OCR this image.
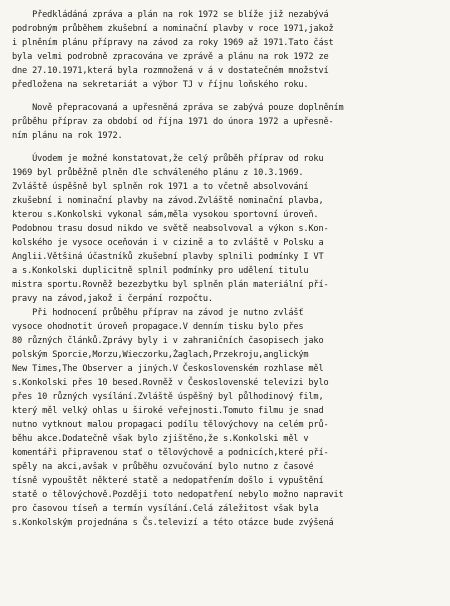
Předkládáná zpráva a plán na rok 1972 se blíže již nezabývá
podrobným průběhem zkušební a nominační plavby v roce 1971,jakož
i plněním plánu přípravy na závod za roky 1969 až 1971.Tato část
byla velmi podrobně zpracována ve zprávě a plánu na rok 1972 ze
dne 27.10.1971,která byla rozmnožená v á v dostatečném množství
předložena na sekretariát a výbor TJ v říjnu loňského roku.
Nově přepracovaná a upřesněná zpráva se zabývá pouze doplněním
průběhu příprav za období od října 1971 do února 1972 a upřesně-
ním plánu na rok 1972.
Úvodem je možné konstatovat,že celý průběh příprav od roku
1969 byl průběžně plněn dle schváleného plánu z 10.3.1969.
Zvláště úspěšně byl splněn rok 1971 a to včetně absolvování
zkušební i nominační plavby na závod.Zvláště nominační plavba,
kterou s.Konkolski vykonal sám,měla vysokou sportovní úroveň.
Podobnou trasu dosud nikdo ve světě neabsolvoval a výkon s.Kon-
kolského je vysoce oceňován i v cizině a to zvláště v Polsku a
Anglii.Většiná účastníků zkušební plavby splnili podmínky I VT
a s.Konkolski duplicitně splnil podmínky pro udělení titulu
mistra sportu.Rovněž bezezbytku byl splněn plán materiální pří-
pravy na závod,jakož i čerpání rozpočtu.
Při hodnocení průběhu příprav na závod je nutno zvlášť
vysoce ohodnotit úroveň propagace.V denním tisku bylo přes
80 různých článků.Zprávy byly i v zahraničních časopisech jako
polským Sporcie,Morzu,Wieczorku,Żaglach,Przekroju,anglickým
New Times,The Observer a jiných.V Československém rozhlase měl
s.Konkolski přes 10 besed.Rovněž v Československé televizi bylo
přes 10 různých vysílání.Zvláště úspěšný byl půlhodinový film,
který měl velký ohlas u široké veřejnosti.Tomuto filmu je snad
nutno vytknout malou propagaci podílu tělovýchovy na celém prů-
běhu akce.Dodatečně však bylo zjištěno,že s.Konkolski měl v
komentáři připravenou stať o tělovýchově a podnicích,které pří-
spěly na akci,avšak v průběhu ozvučování bylo nutno z časové
tísně vypouštět některé statě a nedopatřením došlo i vypuštění
statě o tělovýchově.Později toto nedopatření nebylo možno napravit
pro časovou tíseň a termín vysílání.Celá záležitost však byla
s.Konkolským projednána s Čs.televizí a této otázce bude zvýšená
